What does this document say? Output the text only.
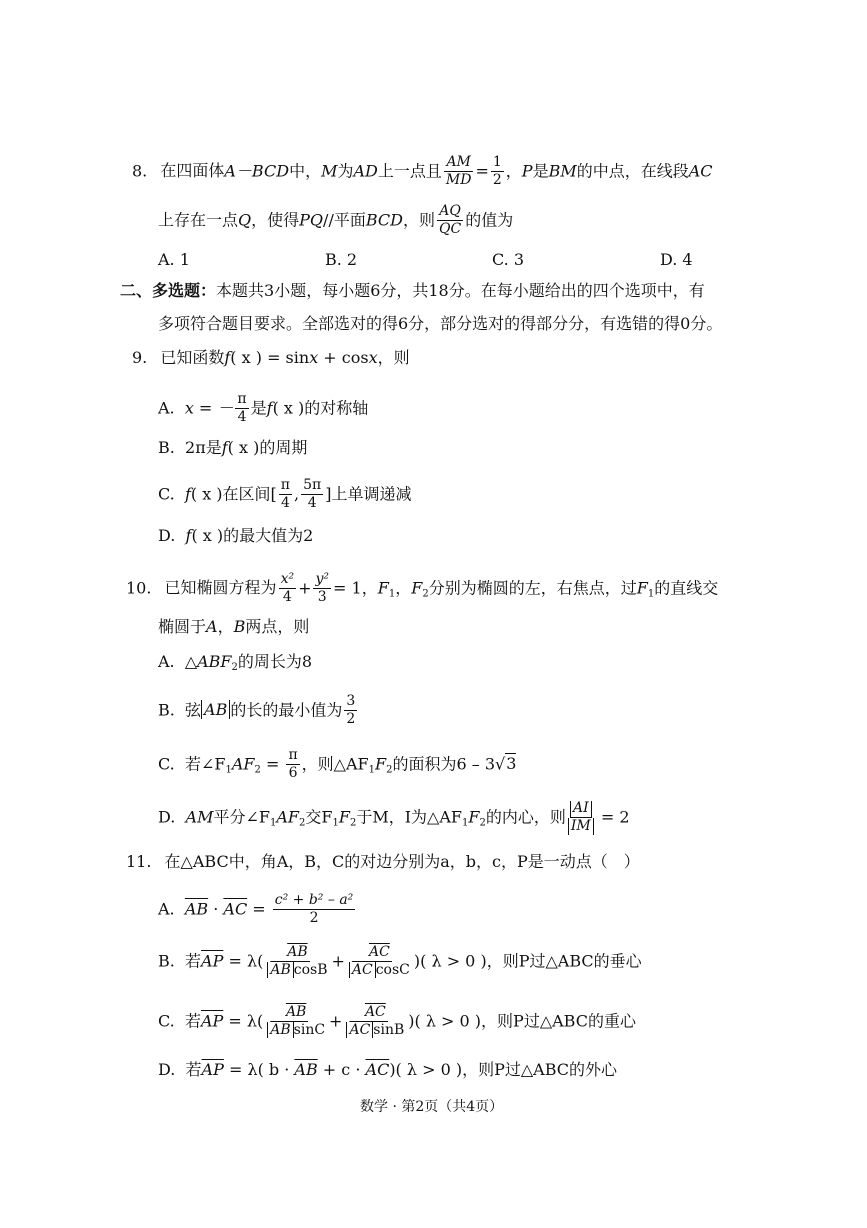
8. 在四面体A－BCD中，M为AD上一点且 $\frac{AM}{MD} = \frac{1}{2}$ ，P是BM的中点，在线段AC
上存在一点Q，使得PQ//平面BCD，则 $\frac{AQ}{QC}$ 的值为
A. 1	B. 2	C. 3	D. 4
二、多选题：本题共3小题，每小题6分，共18分。在每小题给出的四个选项中，有
多项符合题目要求。全部选对的得6分，部分选对的得部分分，有选错的得0分。
9. 已知函数f( x ) = sinx + cosx，则
A. x = － $\frac{\pi}{4}$ 是f( x )的对称轴
B. 2π是f( x )的周期
C. f( x )在区间[ $\frac{\pi}{4}$ , $\frac{5\pi}{4}$ ]上单调递减
D. f( x )的最大值为2
10. 已知椭圆方程为 $\frac{\text{x²}}{4} + \frac{\text{y²}}{3} = 1$，$F_1$，$F_2$分别为椭圆的左，右焦点，过$F_1$的直线交
椭圆于A，B两点，则
A. $\triangle ABF_2$的周长为8
B. 弦 AB 的长的最小值为 $\frac{3}{2}$
C. 若$\angle F_1AF_2 = \frac{\pi}{6}$ ，则$\triangle AF_1F_2$的面积为6 – 3√3
D. AM平分$\angle F_1AF_2$交$F_1F_2$于M，I为$\triangle AF_1F_2$的内心，则 $\frac{AI}{IM} = 2$
11. 在△ABC中，角A，B，C的对边分别为a，b，c，P是一动点（　）
A. $\overline{AB} \cdot \overline{AC} = \frac{\text{c² + b² – a²}}{2}$
B. 若$\overline{AP} = \lambda( \frac{\overline{AB}}{\overline{AB} \cos B} + \frac{\overline{AC}}{\overline{AC} \cos C}$ )( λ > 0 )，则P过△ABC的垂心
C. 若$\overline{AP} = \lambda( \frac{\overline{AB}}{\overline{AB} \sin C} + \frac{\overline{AC}}{\overline{AC} \sin B}$ )( λ > 0 )，则P过△ABC的重心
D. 若$\overline{AP} = \lambda$( $b \cdot \overline{AB} + c \cdot \overline{AC}$)( λ > 0 )，则P过△ABC的外心
数学 · 第2页（共4页）
